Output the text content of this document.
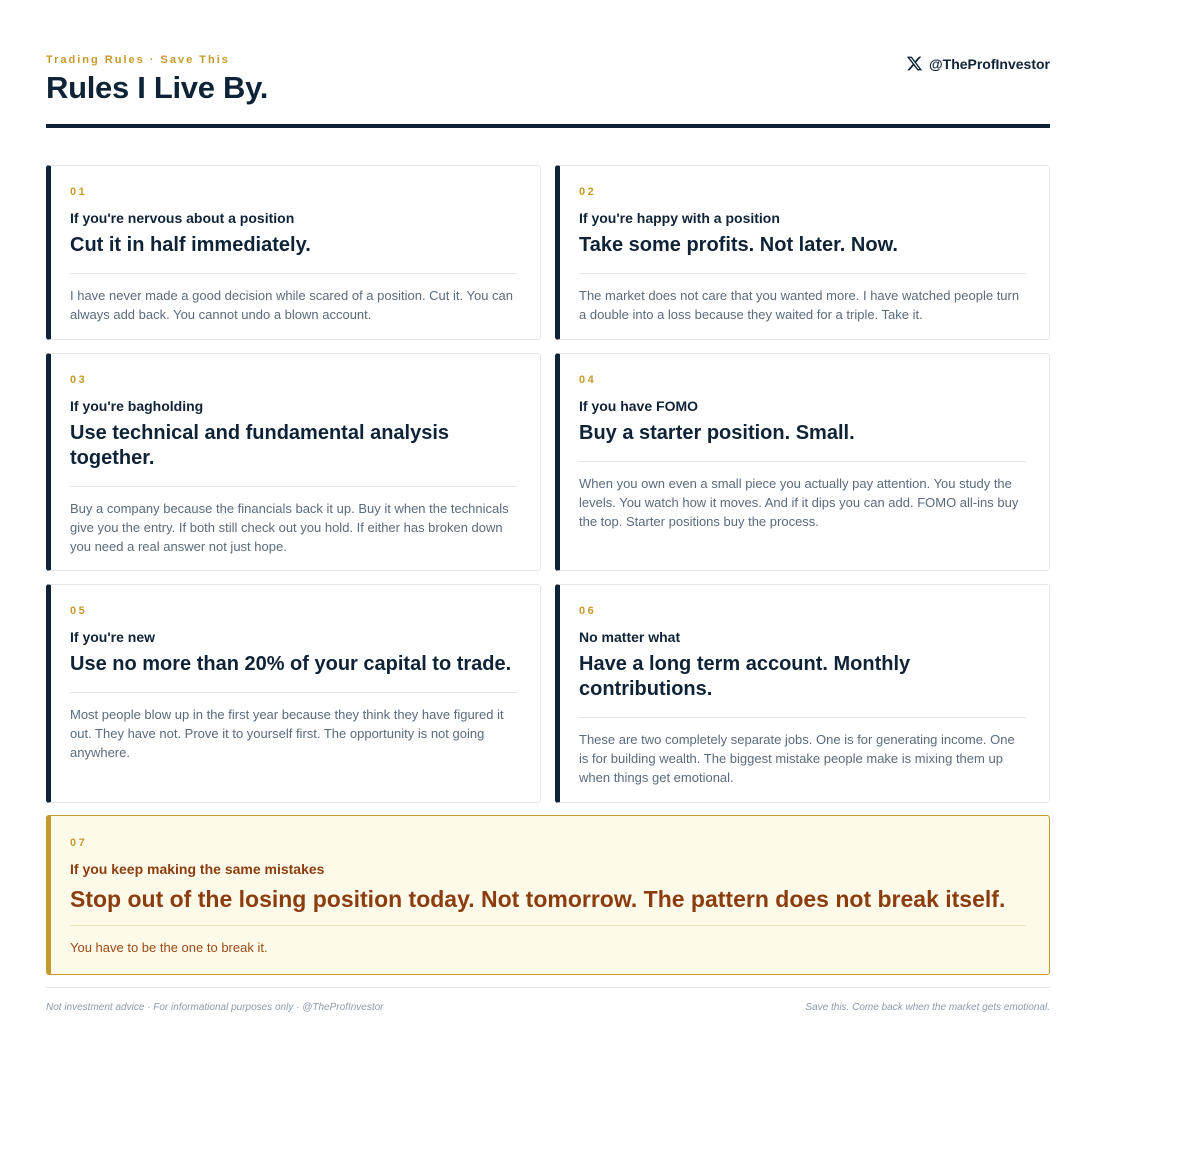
Trading Rules · Save This
Rules I Live By.
@TheProfInvestor
01
If you're nervous about a position
Cut it in half immediately.
I have never made a good decision while scared of a position. Cut it. You can always add back. You cannot undo a blown account.
02
If you're happy with a position
Take some profits. Not later. Now.
The market does not care that you wanted more. I have watched people turn a double into a loss because they waited for a triple. Take it.
03
If you're bagholding
Use technical and fundamental analysis together.
Buy a company because the financials back it up. Buy it when the technicals give you the entry. If both still check out you hold. If either has broken down you need a real answer not just hope.
04
If you have FOMO
Buy a starter position. Small.
When you own even a small piece you actually pay attention. You study the levels. You watch how it moves. And if it dips you can add. FOMO all-ins buy the top. Starter positions buy the process.
05
If you're new
Use no more than 20% of your capital to trade.
Most people blow up in the first year because they think they have figured it out. They have not. Prove it to yourself first. The opportunity is not going anywhere.
06
No matter what
Have a long term account. Monthly contributions.
These are two completely separate jobs. One is for generating income. One is for building wealth. The biggest mistake people make is mixing them up when things get emotional.
07
If you keep making the same mistakes
Stop out of the losing position today. Not tomorrow. The pattern does not break itself.
You have to be the one to break it.
Not investment advice · For informational purposes only · @TheProfInvestor	Save this. Come back when the market gets emotional.
